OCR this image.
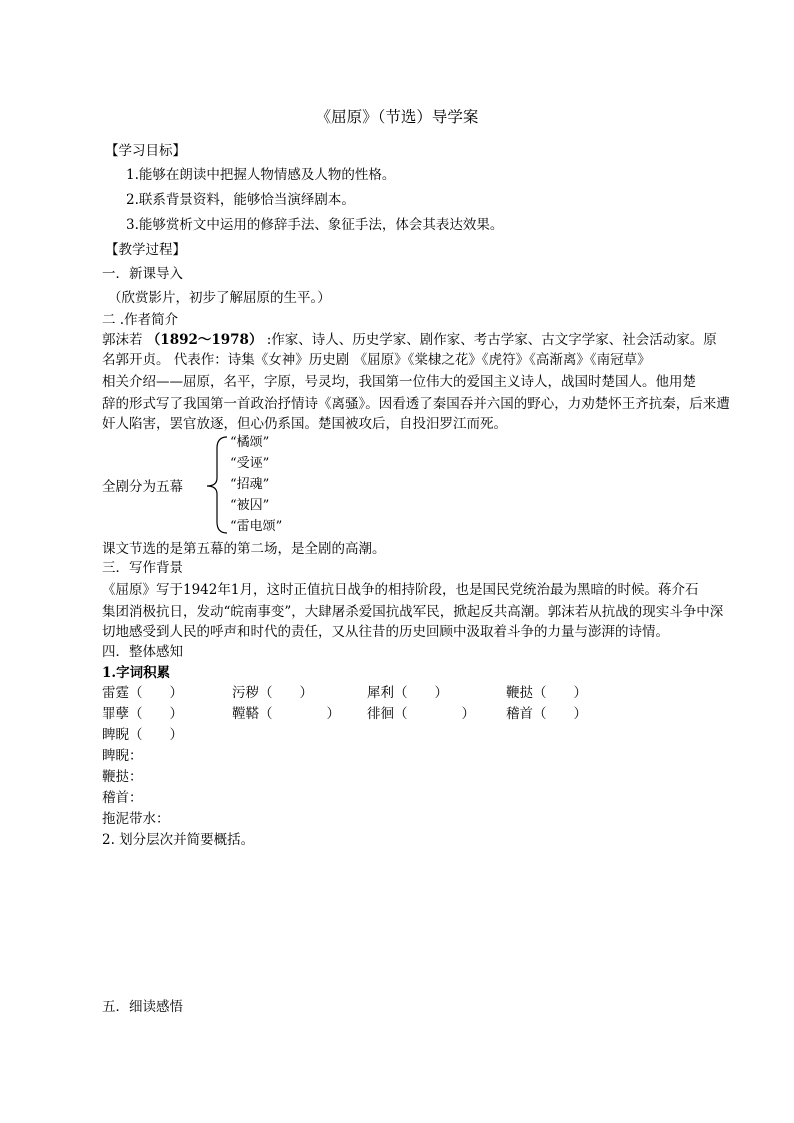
《屈原》（节选）导学案
【学习目标】
1.能够在朗读中把握人物情感及人物的性格。
2.联系背景资料，能够恰当演绎剧本。
3.能够赏析文中运用的修辞手法、象征手法，体会其表达效果。
【教学过程】
一．新课导入
（欣赏影片，初步了解屈原的生平。）
二 .作者简介
郭沫若 （1892～1978） :作家、诗人、历史学家、剧作家、考古学家、古文字学家、社会活动家。原
名郭开贞。 代表作：诗集《女神》历史剧 《屈原》《棠棣之花》《虎符》《高渐离》《南冠草》
相关介绍——屈原，名平，字原，号灵均，我国第一位伟大的爱国主义诗人，战国时楚国人。他用楚
辞的形式写了我国第一首政治抒情诗《离骚》。因看透了秦国吞并六国的野心，力劝楚怀王齐抗秦，后来遭
奸人陷害，罢官放逐，但心仍系国。楚国被攻后，自投汨罗江而死。
全剧分为五幕
“橘颂”
“受诬”
“招魂”
“被囚”
“雷电颂”
课文节选的是第五幕的第二场，是全剧的高潮。
三．写作背景
《屈原》写于1942年1月，这时正值抗日战争的相持阶段，也是国民党统治最为黑暗的时候。蒋介石
集团消极抗日，发动“皖南事变”，大肆屠杀爱国抗战军民，掀起反共高潮。郭沫若从抗战的现实斗争中深
切地感受到人民的呼声和时代的责任，又从往昔的历史回顾中汲取着斗争的力量与澎湃的诗情。
四．整体感知
1.字词积累
雷霆（　　）	污秽（　　）	犀利（　　）	鞭挞（　　）
罪孽（　　）	鞺鞳（　　　　） 徘徊（　　　　） 稽首（　　）
睥睨（　　）
睥睨：
鞭挞：
稽首：
拖泥带水：
2. 划分层次并简要概括。
五．细读感悟
